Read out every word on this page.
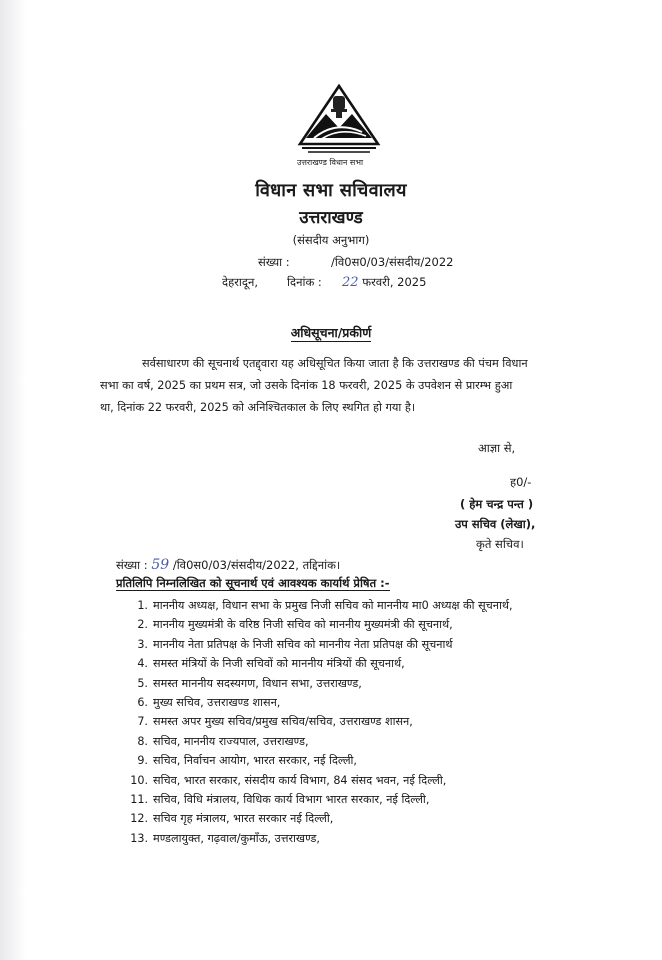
उत्तराखण्ड विधान सभा
विधान सभा सचिवालय
उत्तराखण्ड
(संसदीय अनुभाग)
संख्या :	/वि0स0/03/संसदीय/2022
देहरादून,	दिनांक : 22 फरवरी, 2025
अधिसूचना/प्रकीर्ण
सर्वसाधारण की सूचनार्थ एतद्द्वारा यह अधिसूचित किया जाता है कि उत्तराखण्ड की पंचम विधान
सभा का वर्ष, 2025 का प्रथम सत्र, जो उसके दिनांक 18 फरवरी, 2025 के उपवेशन से प्रारम्भ हुआ
था, दिनांक 22 फरवरी, 2025 को अनिश्चितकाल के लिए स्थगित हो गया है।
आज्ञा से,
ह0/-
( हेम चन्द्र पन्त )
उप सचिव (लेखा),
कृते सचिव।
संख्या : 59 /वि0स0/03/संसदीय/2022, तद्दिनांक।
प्रतिलिपि निम्नलिखित को सूचनार्थ एवं आवश्यक कार्यार्थ प्रेषित :-
1. माननीय अध्यक्ष, विधान सभा के प्रमुख निजी सचिव को माननीय मा0 अध्यक्ष की सूचनार्थ,
2. माननीय मुख्यमंत्री के वरिष्ठ निजी सचिव को माननीय मुख्यमंत्री की सूचनार्थ,
3. माननीय नेता प्रतिपक्ष के निजी सचिव को माननीय नेता प्रतिपक्ष की सूचनार्थ
4. समस्त मंत्रियों के निजी सचिवों को माननीय मंत्रियों की सूचनार्थ,
5. समस्त माननीय सदस्यगण, विधान सभा, उत्तराखण्ड,
6. मुख्य सचिव, उत्तराखण्ड शासन,
7. समस्त अपर मुख्य सचिव/प्रमुख सचिव/सचिव, उत्तराखण्ड शासन,
8. सचिव, माननीय राज्यपाल, उत्तराखण्ड,
9. सचिव, निर्वाचन आयोग, भारत सरकार, नई दिल्ली,
10. सचिव, भारत सरकार, संसदीय कार्य विभाग, 84 संसद भवन, नई दिल्ली,
11. सचिव, विधि मंत्रालय, विधिक कार्य विभाग भारत सरकार, नई दिल्ली,
12. सचिव गृह मंत्रालय, भारत सरकार नई दिल्ली,
13. मण्डलायुक्त, गढ़वाल/कुमाँऊ, उत्तराखण्ड,
